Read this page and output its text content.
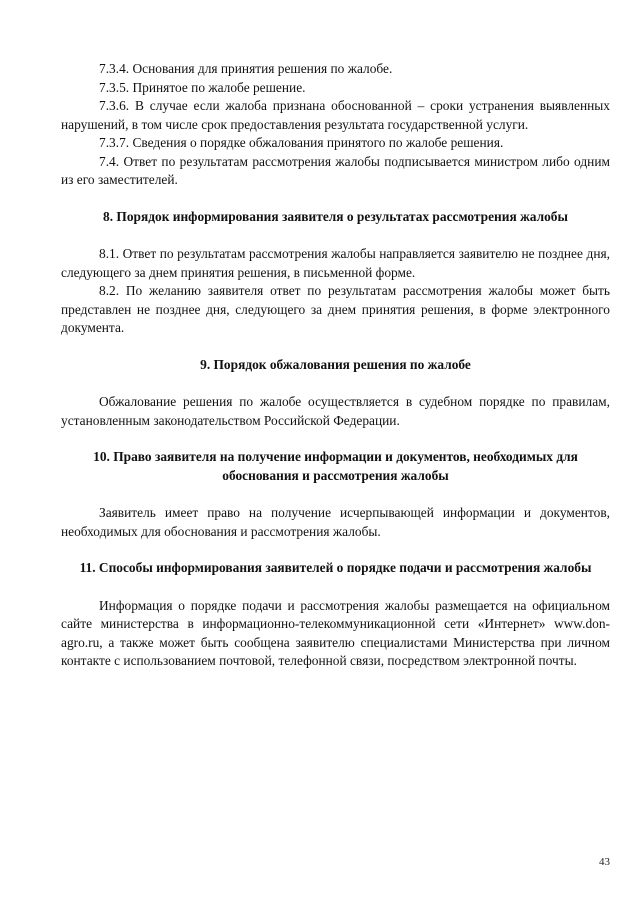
7.3.4. Основания для принятия решения по жалобе.

7.3.5. Принятое по жалобе решение.

7.3.6. В случае если жалоба признана обоснованной – сроки устранения выявленных нарушений, в том числе срок предоставления результата государственной услуги.

7.3.7. Сведения о порядке обжалования принятого по жалобе решения.

7.4. Ответ по результатам рассмотрения жалобы подписывается министром либо одним из его заместителей.

8. Порядок информирования заявителя о результатах рассмотрения жалобы

8.1. Ответ по результатам рассмотрения жалобы направляется заявителю не позднее дня, следующего за днем принятия решения, в письменной форме.

8.2. По желанию заявителя ответ по результатам рассмотрения жалобы может быть представлен не позднее дня, следующего за днем принятия решения, в форме электронного документа.

9. Порядок обжалования решения по жалобе

Обжалование решения по жалобе осуществляется в судебном порядке по правилам, установленным законодательством Российской Федерации.

10. Право заявителя на получение информации и документов, необходимых для обоснования и рассмотрения жалобы

Заявитель имеет право на получение исчерпывающей информации и документов, необходимых для обоснования и рассмотрения жалобы.

11. Способы информирования заявителей о порядке подачи и рассмотрения жалобы

Информация о порядке подачи и рассмотрения жалобы размещается на официальном сайте министерства в информационно-телекоммуникационной сети «Интернет» www.don-agro.ru, а также может быть сообщена заявителю специалистами Министерства при личном контакте с использованием почтовой, телефонной связи, посредством электронной почты.

43
